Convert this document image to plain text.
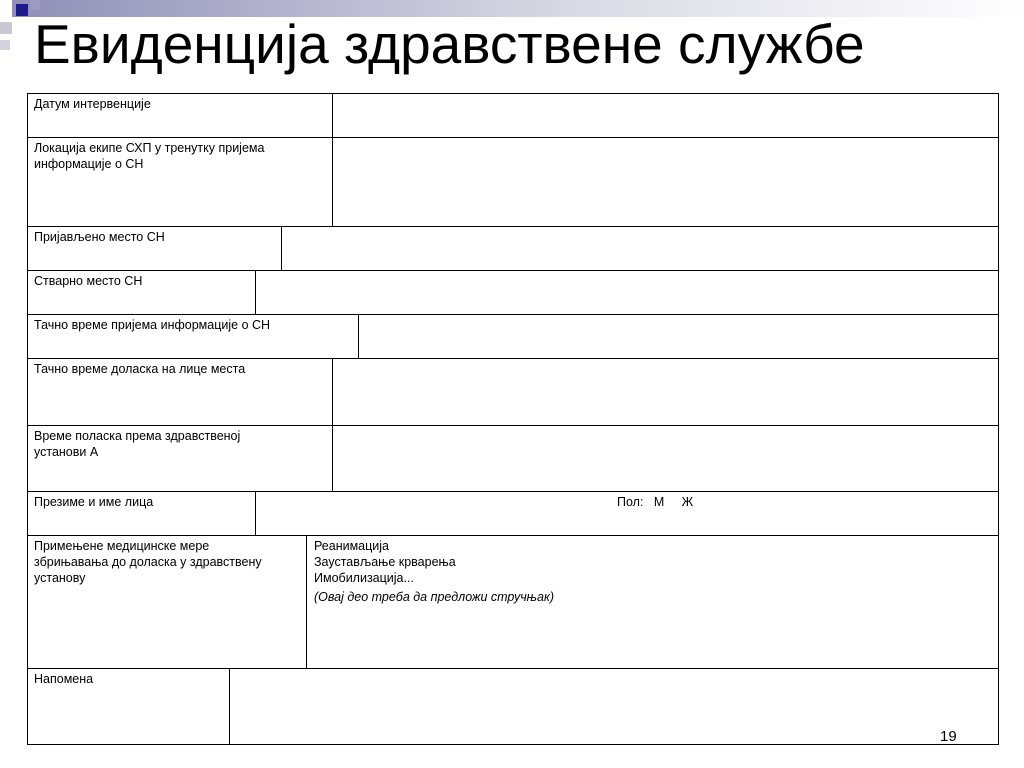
Евиденција здравствене службе
Датум интервенције
Локација екипе СХП у тренутку пријема
информације о СН
Пријављено место СН
Стварно место СН
Тачно време пријема информације о СН
Тачно време доласка на лице места
Време поласка према здравственој
установи А
Презиме и име лица	Пол:   М     Ж
Примењене медицинске мере
збрињавања до доласка у здравствену
установу
Реанимација
Заустављање крварења
Имобилизација...
(Овај део треба да предложи стручњак)
Напомена
19
